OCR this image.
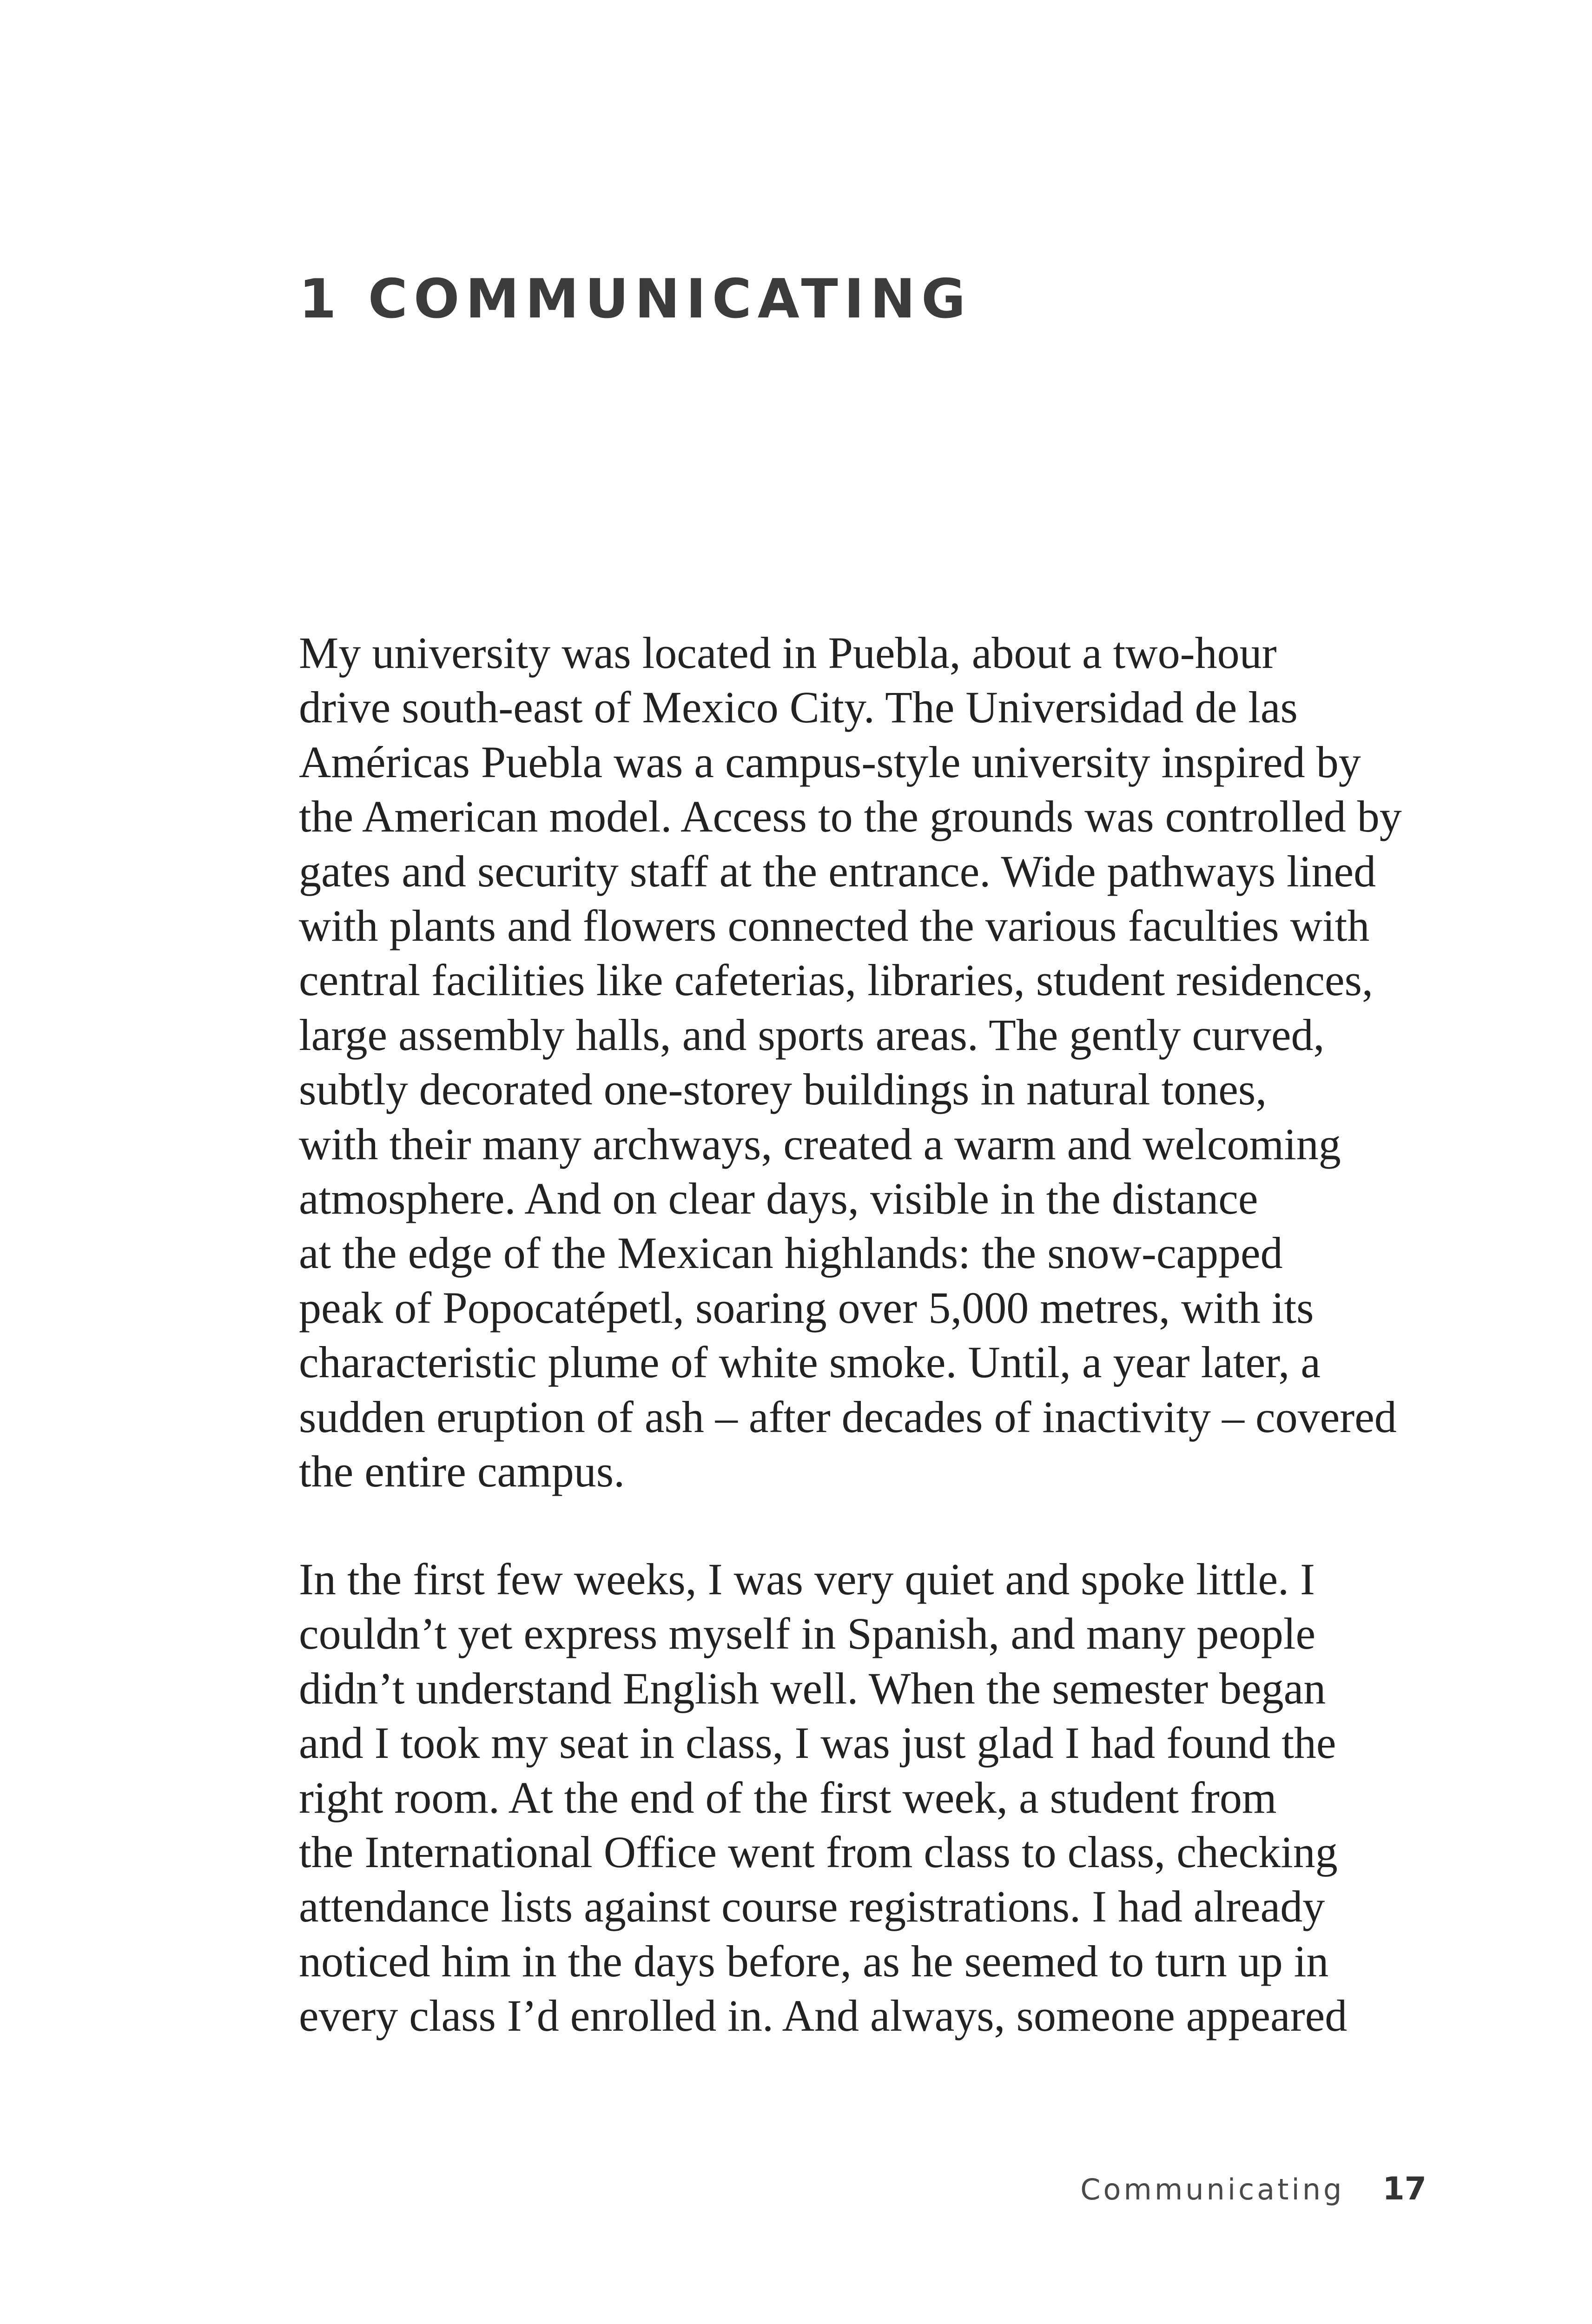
1 COMMUNICATING

My university was located in Puebla, about a two-hour
drive south-east of Mexico City. The Universidad de las
Américas Puebla was a campus-style university inspired by
the American model. Access to the grounds was controlled by
gates and security staff at the entrance. Wide pathways lined
with plants and flowers connected the various faculties with
central facilities like cafeterias, libraries, student residences,
large assembly halls, and sports areas. The gently curved,
subtly decorated one-storey buildings in natural tones,
with their many archways, created a warm and welcoming
atmosphere. And on clear days, visible in the distance
at the edge of the Mexican highlands: the snow-capped
peak of Popocatépetl, soaring over 5,000 metres, with its
characteristic plume of white smoke. Until, a year later, a
sudden eruption of ash – after decades of inactivity – covered
the entire campus.

In the first few weeks, I was very quiet and spoke little. I
couldn’t yet express myself in Spanish, and many people
didn’t understand English well. When the semester began
and I took my seat in class, I was just glad I had found the
right room. At the end of the first week, a student from
the International Office went from class to class, checking
attendance lists against course registrations. I had already
noticed him in the days before, as he seemed to turn up in
every class I’d enrolled in. And always, someone appeared

Communicating 17
